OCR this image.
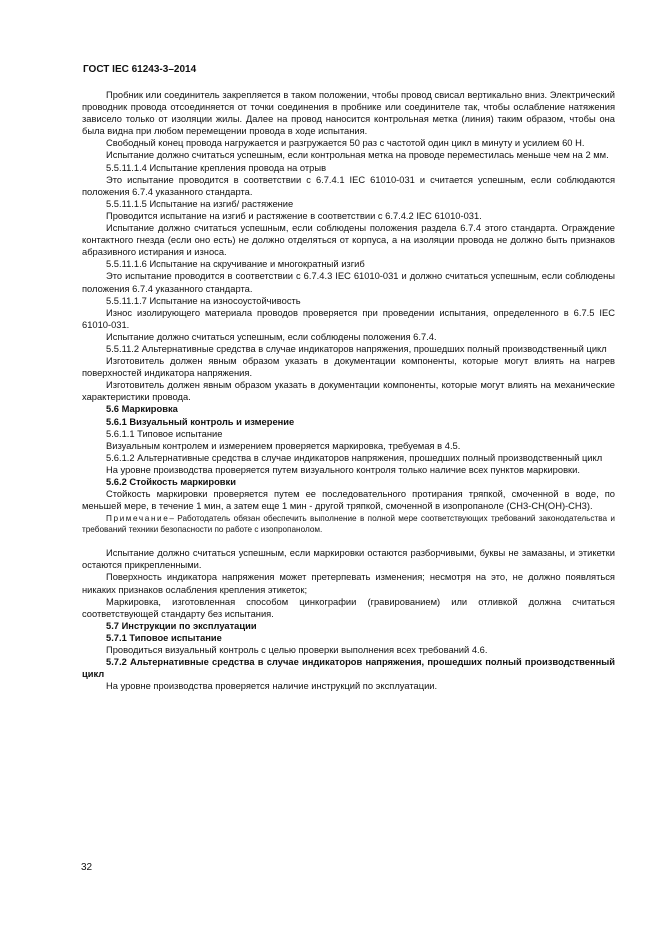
ГОСТ IEC 61243-3–2014

Пробник или соединитель закрепляется в таком положении, чтобы провод свисал вертикально вниз. Электрический проводник провода отсоединяется от точки соединения в пробнике или соединителе так, чтобы ослабление натяжения зависело только от изоляции жилы. Далее на провод наносится контрольная метка (линия) таким образом, чтобы она была видна при любом перемещении провода в ходе испытания.

Свободный конец провода нагружается и разгружается 50 раз с частотой один цикл в минуту и усилием 60 Н.

Испытание должно считаться успешным, если контрольная метка на проводе переместилась меньше чем на 2 мм.

5.5.11.1.4 Испытание крепления провода на отрыв

Это испытание проводится в соответствии с 6.7.4.1 IEC 61010-031 и считается успешным, если соблюдаются положения 6.7.4 указанного стандарта.

5.5.11.1.5 Испытание на изгиб/ растяжение

Проводится испытание на изгиб и растяжение в соответствии с 6.7.4.2 IEC 61010-031.

Испытание должно считаться успешным, если соблюдены положения раздела 6.7.4 этого стандарта. Ограждение контактного гнезда (если оно есть) не должно отделяться от корпуса, а на изоляции провода не должно быть признаков абразивного истирания и износа.

5.5.11.1.6 Испытание на скручивание и многократный изгиб

Это испытание проводится в соответствии с 6.7.4.3 IEC 61010-031 и должно считаться успешным, если соблюдены положения 6.7.4 указанного стандарта.

5.5.11.1.7 Испытание на износоустойчивость

Износ изолирующего материала проводов проверяется при проведении испытания, определенного в 6.7.5 IEC 61010-031.

Испытание должно считаться успешным, если соблюдены положения 6.7.4.

5.5.11.2 Альтернативные средства в случае индикаторов напряжения, прошедших полный производственный цикл

Изготовитель должен явным образом указать в документации компоненты, которые могут влиять на нагрев поверхностей индикатора напряжения.

Изготовитель должен явным образом указать в документации компоненты, которые могут влиять на механические характеристики провода.

5.6 Маркировка

5.6.1 Визуальный контроль и измерение

5.6.1.1 Типовое испытание

Визуальным контролем и измерением проверяется маркировка, требуемая в 4.5.

5.6.1.2 Альтернативные средства в случае индикаторов напряжения, прошедших полный производственный цикл

На уровне производства проверяется путем визуального контроля только наличие всех пунктов маркировки.

5.6.2 Стойкость маркировки

Стойкость маркировки проверяется путем ее последовательного протирания тряпкой, смоченной в воде, по меньшей мере, в течение 1 мин, а затем еще 1 мин - другой тряпкой, смоченной в изопропаноле (СН3-СН(ОН)-СН3).

Примечание– Работодатель обязан обеспечить выполнение в полной мере соответствующих требований законодательства и требований техники безопасности по работе с изопропанолом.

Испытание должно считаться успешным, если маркировки остаются разборчивыми, буквы не замазаны, и этикетки остаются прикрепленными.

Поверхность индикатора напряжения может претерпевать изменения; несмотря на это, не должно появляться никаких признаков ослабления крепления этикеток;

Маркировка, изготовленная способом цинкографии (гравированием) или отливкой должна считаться соответствующей стандарту без испытания.

5.7 Инструкции по эксплуатации

5.7.1 Типовое испытание

Проводиться визуальный контроль с целью проверки выполнения всех требований 4.6.

5.7.2 Альтернативные средства в случае индикаторов напряжения, прошедших полный производственный цикл

На уровне производства проверяется наличие инструкций по эксплуатации.

32
